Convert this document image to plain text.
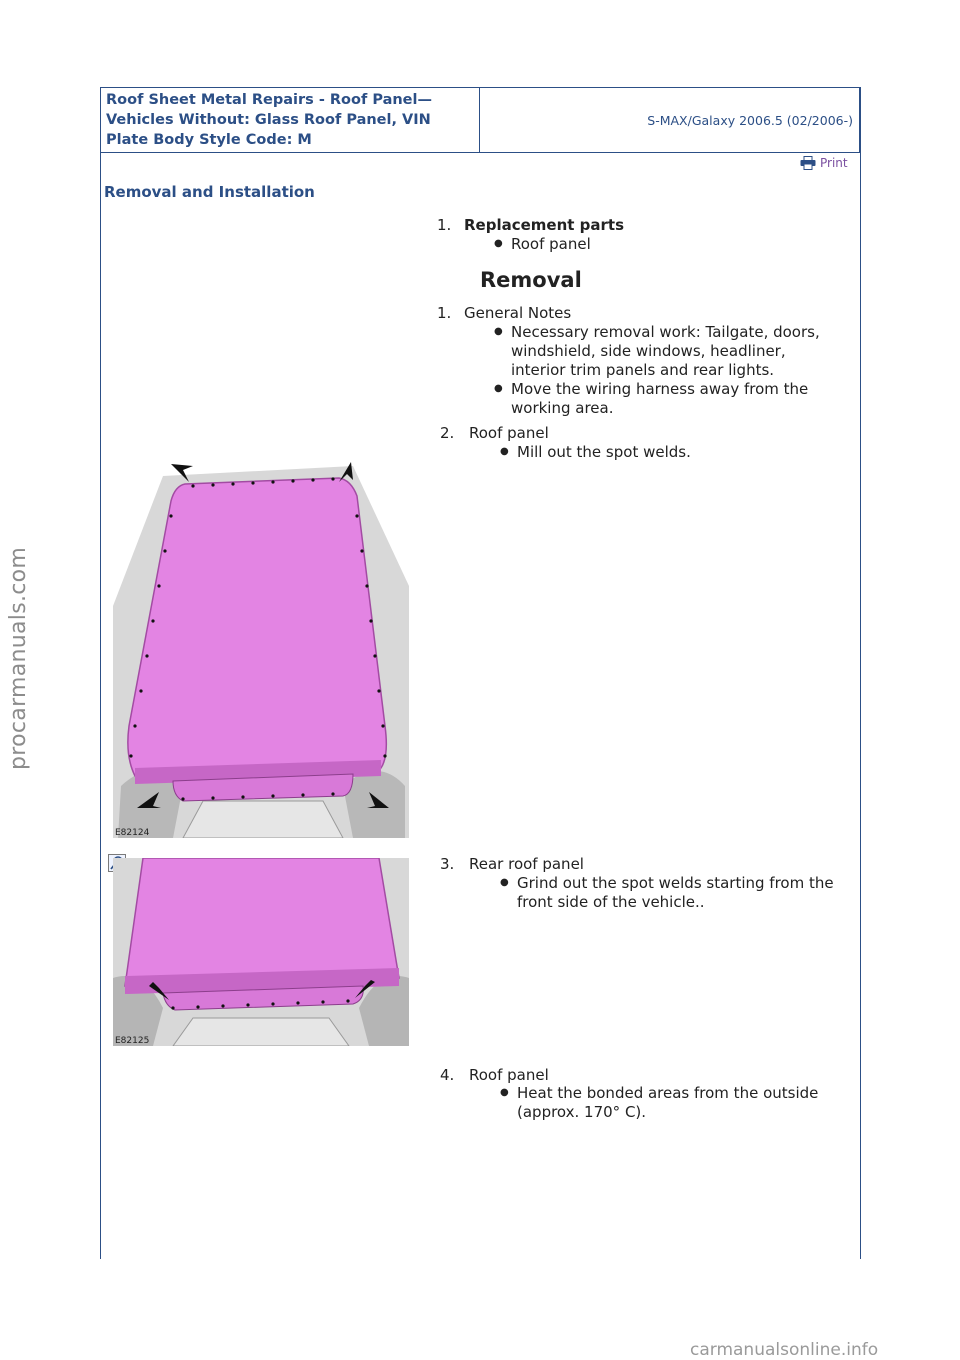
Roof Sheet Metal Repairs - Roof Panel—
Vehicles Without: Glass Roof Panel, VIN
Plate Body Style Code: M
S-MAX/Galaxy 2006.5 (02/2006-)
Print
Removal and Installation
1. Replacement parts
● Roof panel
Removal
1. General Notes
● Necessary removal work: Tailgate, doors,
windshield, side windows, headliner,
interior trim panels and rear lights.
● Move the wiring harness away from the
working area.
2. Roof panel
● Mill out the spot welds.
E82124
E82125
3. Rear roof panel
● Grind out the spot welds starting from the
front side of the vehicle..
4. Roof panel
● Heat the bonded areas from the outside
(approx. 170° C).
procarmanuals.com
carmanualsonline.info
